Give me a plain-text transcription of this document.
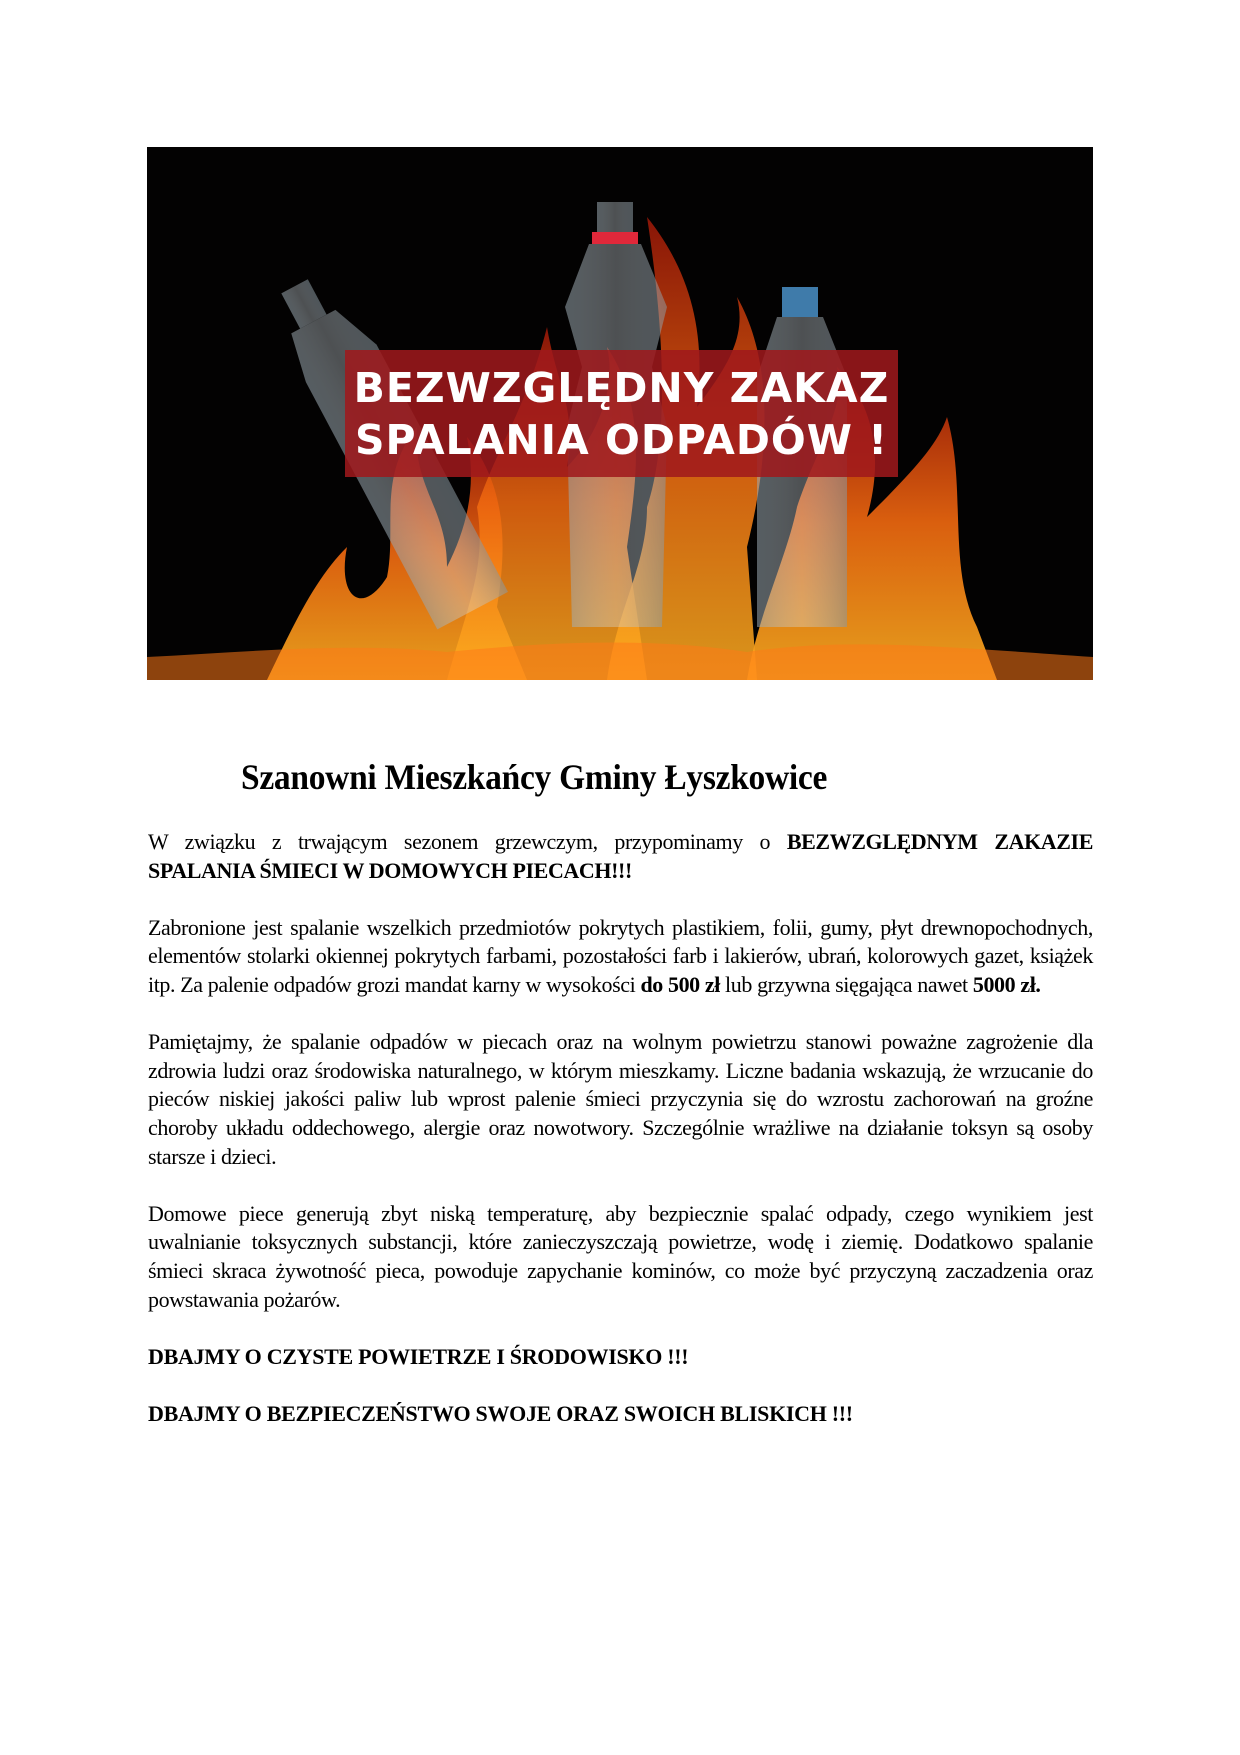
BEZWZGLĘDNY ZAKAZ
SPALANIA ODPADÓW !
Szanowni Mieszkańcy Gminy Łyszkowice

W związku z trwającym sezonem grzewczym, przypominamy o BEZWZGLĘDNYM ZAKAZIE SPALANIA ŚMIECI W DOMOWYCH PIECACH!!!

Zabronione jest spalanie wszelkich przedmiotów pokrytych plastikiem, folii, gumy, płyt drewnopochodnych, elementów stolarki okiennej pokrytych farbami, pozostałości farb i lakierów, ubrań, kolorowych gazet, książek itp. Za palenie odpadów grozi mandat karny w wysokości do 500 zł lub grzywna sięgająca nawet 5000 zł.

Pamiętajmy, że spalanie odpadów w piecach oraz na wolnym powietrzu stanowi poważne zagrożenie dla zdrowia ludzi oraz środowiska naturalnego, w którym mieszkamy. Liczne badania wskazują, że wrzucanie do pieców niskiej jakości paliw lub wprost palenie śmieci przyczynia się do wzrostu zachorowań na groźne choroby układu oddechowego, alergie oraz nowotwory. Szczególnie wrażliwe na działanie toksyn są osoby starsze i dzieci.

Domowe piece generują zbyt niską temperaturę, aby bezpiecznie spalać odpady, czego wynikiem jest uwalnianie toksycznych substancji, które zanieczyszczają powietrze, wodę i ziemię. Dodatkowo spalanie śmieci skraca żywotność pieca, powoduje zapychanie kominów, co może być przyczyną zaczadzenia oraz powstawania pożarów.

DBAJMY O CZYSTE POWIETRZE I ŚRODOWISKO !!!
DBAJMY O BEZPIECZEŃSTWO SWOJE ORAZ SWOICH BLISKICH !!!
